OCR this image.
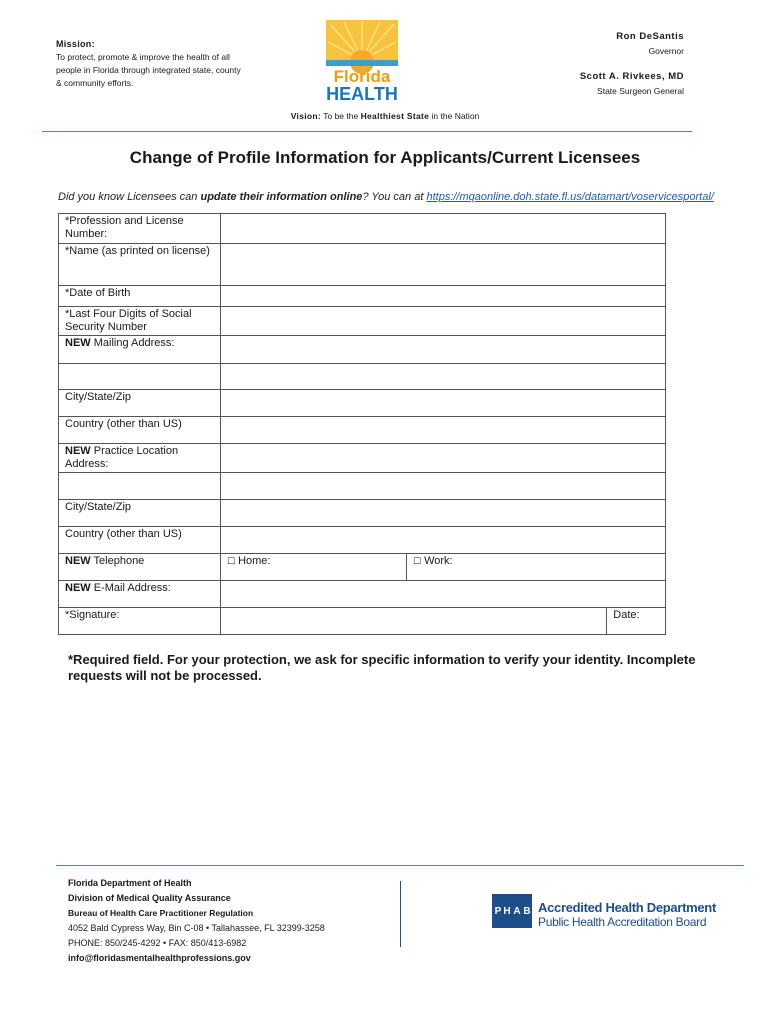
Mission:
To protect, promote & improve the health of all people in Florida through integrated state, county & community efforts.	Florida
HEALTH
Ron DeSantis
Governor
Scott A. Rivkees, MD
State Surgeon General
Vision: To be the Healthiest State in the Nation
Change of Profile Information for Applicants/Current Licensees
Did you know Licensees can update their information online? You can at https://mqaonline.doh.state.fl.us/datamart/voservicesportal/
*Profession and License Number:			
*Name (as printed on license)			
*Date of Birth			
*Last Four Digits of Social Security Number			
NEW Mailing Address:			

City/State/Zip			
Country (other than US)			
NEW Practice Location Address:			

City/State/Zip			
Country (other than US)			
NEW Telephone	☐ Home:	☐ Work:	
NEW E-Mail Address:			
*Signature:			Date:
*Required field. For your protection, we ask for specific information to verify your identity. Incomplete requests will not be processed.
Florida Department of Health
Division of Medical Quality Assurance
Bureau of Health Care Practitioner Regulation
4052 Bald Cypress Way, Bin C-08 • Tallahassee, FL 32399-3258
PHONE: 850/245-4292 • FAX: 850/413-6982
info@floridasmentalhealthprofessions.gov
P H A B Accredited Health Department
Public Health Accreditation Board
